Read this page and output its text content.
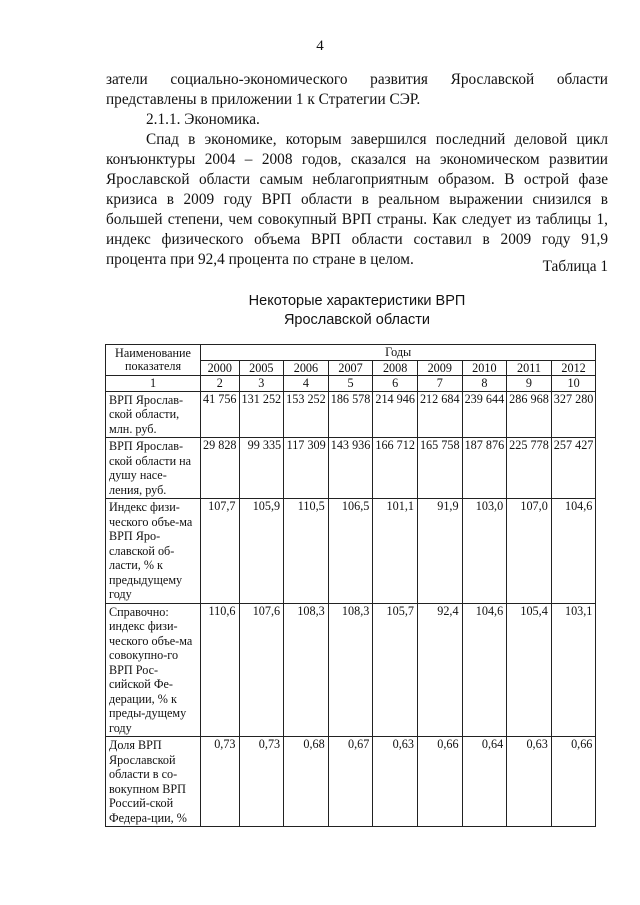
4

затели социально-экономического развития Ярославской области представлены в приложении 1 к Стратегии СЭР.

2.1.1. Экономика.

Спад в экономике, которым завершился последний деловой цикл конъюнктуры 2004 – 2008 годов, сказался на экономическом развитии Ярославской области самым неблагоприятным образом. В острой фазе кризиса в 2009 году ВРП области в реальном выражении снизился в большей степени, чем совокупный ВРП страны. Как следует из таблицы 1, индекс физического объема ВРП области составил в 2009 году 91,9 процента при 92,4 процента по стране в целом.	Таблица 1
Некоторые характеристики ВРП
Ярославской области
Наименование показателя	Годы								
	2000	2005	2006	2007	2008	2009	2010	2011	2012
1	2	3	4	5	6	7	8	9	10
ВРП Ярослав-ской области, млн. руб.	41 756	131 252	153 252	186 578	214 946	212 684	239 644	286 968	327 280
ВРП Ярослав-ской области на душу насе-ления, руб.	29 828	99 335	117 309	143 936	166 712	165 758	187 876	225 778	257 427
Индекс физи-ческого объе-ма ВРП Яро-славской об-ласти, % к предыдущему году	107,7	105,9	110,5	106,5	101,1	91,9	103,0	107,0	104,6
Справочно: индекс физи-ческого объе-ма совокупно-го ВРП Рос-сийской Фе-дерации, % к преды-дущему году	110,6	107,6	108,3	108,3	105,7	92,4	104,6	105,4	103,1
Доля ВРП Ярославской области в со-вокупном ВРП Россий-ской Федера-ции, %	0,73	0,73	0,68	0,67	0,63	0,66	0,64	0,63	0,66
